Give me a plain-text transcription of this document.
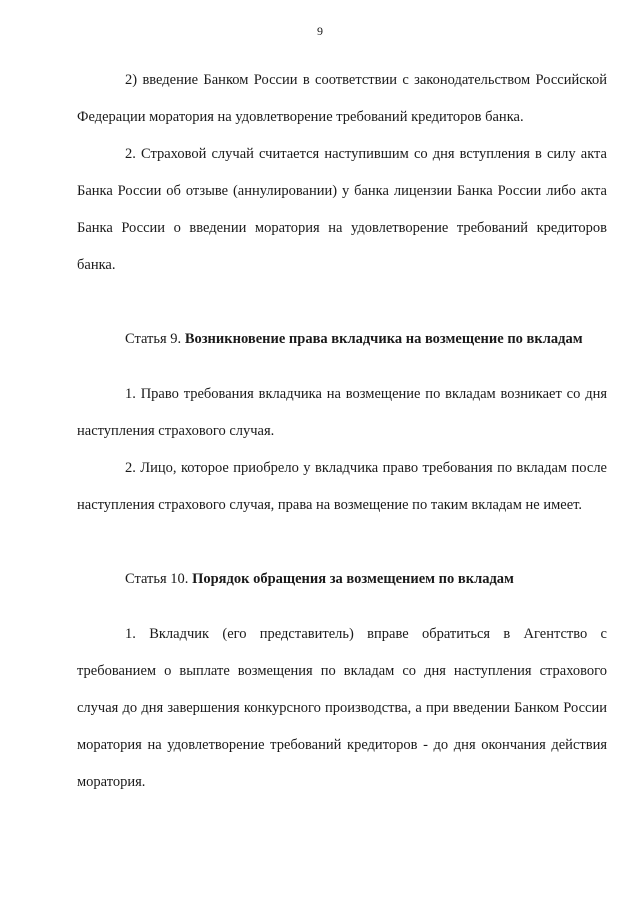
9

2) введение Банком России в соответствии с законодательством Российской Федерации моратория на удовлетворение требований кредиторов банка.

2. Страховой случай считается наступившим со дня вступления в силу акта Банка России об отзыве (аннулировании) у банка лицензии Банка России либо акта Банка России о введении моратория на удовлетворение требований кредиторов банка.

Статья 9. Возникновение права вкладчика на возмещение по вкладам

1. Право требования вкладчика на возмещение по вкладам возникает со дня наступления страхового случая.

2. Лицо, которое приобрело у вкладчика право требования по вкладам после наступления страхового случая, права на возмещение по таким вкладам не имеет.

Статья 10. Порядок обращения за возмещением по вкладам

1. Вкладчик (его представитель) вправе обратиться в Агентство с требованием о выплате возмещения по вкладам со дня наступления страхового случая до дня завершения конкурсного производства, а при введении Банком России моратория на удовлетворение требований кредиторов - до дня окончания действия моратория.
